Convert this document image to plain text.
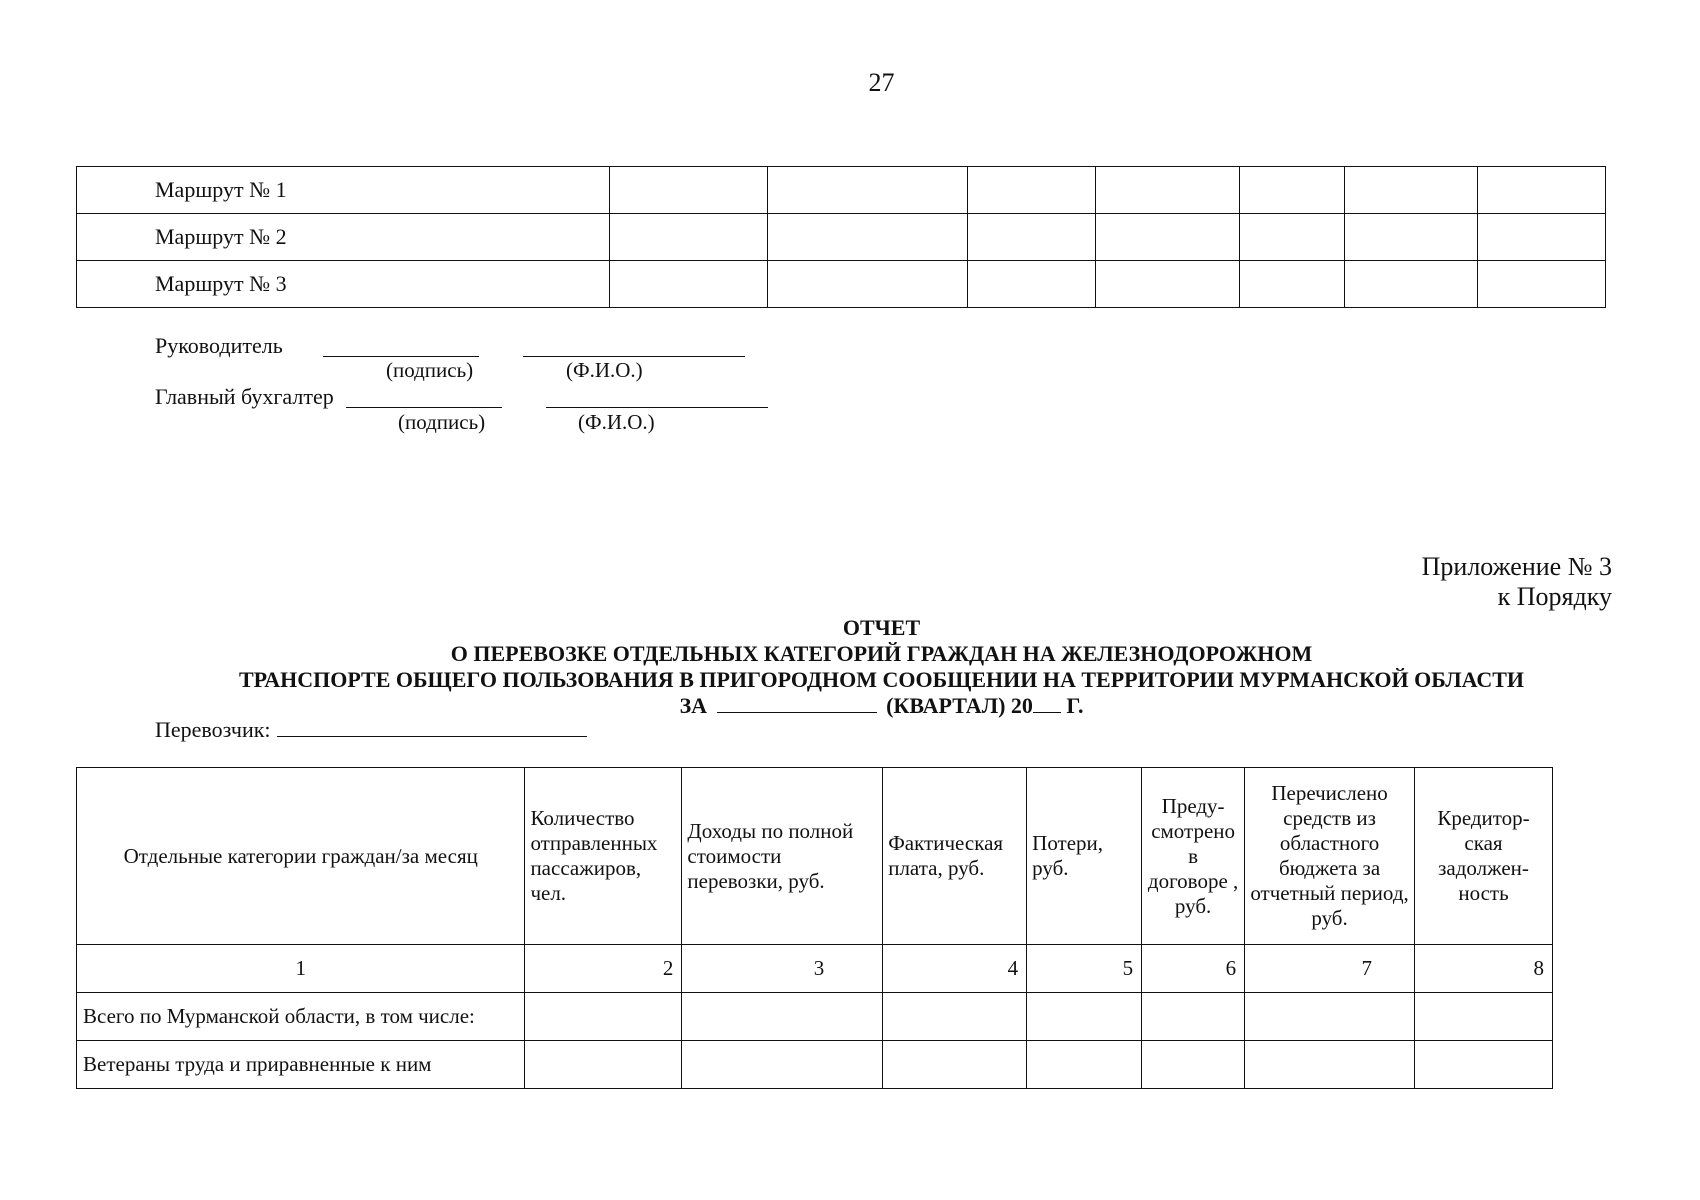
27
Маршрут № 1							
Маршрут № 2							
Маршрут № 3							
Руководитель
(подпись)	(Ф.И.О.)
Главный бухгалтер
(подпись)	(Ф.И.О.)
Приложение № 3
к Порядку
ОТЧЕТ
О ПЕРЕВОЗКЕ ОТДЕЛЬНЫХ КАТЕГОРИЙ ГРАЖДАН НА ЖЕЛЕЗНОДОРОЖНОМ
ТРАНСПОРТЕ ОБЩЕГО ПОЛЬЗОВАНИЯ В ПРИГОРОДНОМ СООБЩЕНИИ НА ТЕРРИТОРИИ МУРМАНСКОЙ ОБЛАСТИ
ЗА	(КВАРТАЛ) 20 Г.
Перевозчик:
Отдельные категории граждан/за месяц	Количество отправленных пассажиров, чел.	Доходы по полной стоимости перевозки, руб.	Фактическая плата, руб.	Потери, руб.	Преду-смотрено в договоре , руб.	Перечислено средств из областного бюджета за отчетный период, руб.	Кредитор-ская задолжен-ность
1	2	3	4	5	6	7	8
Всего по Мурманской области, в том числе:							
Ветераны труда и приравненные к ним							
